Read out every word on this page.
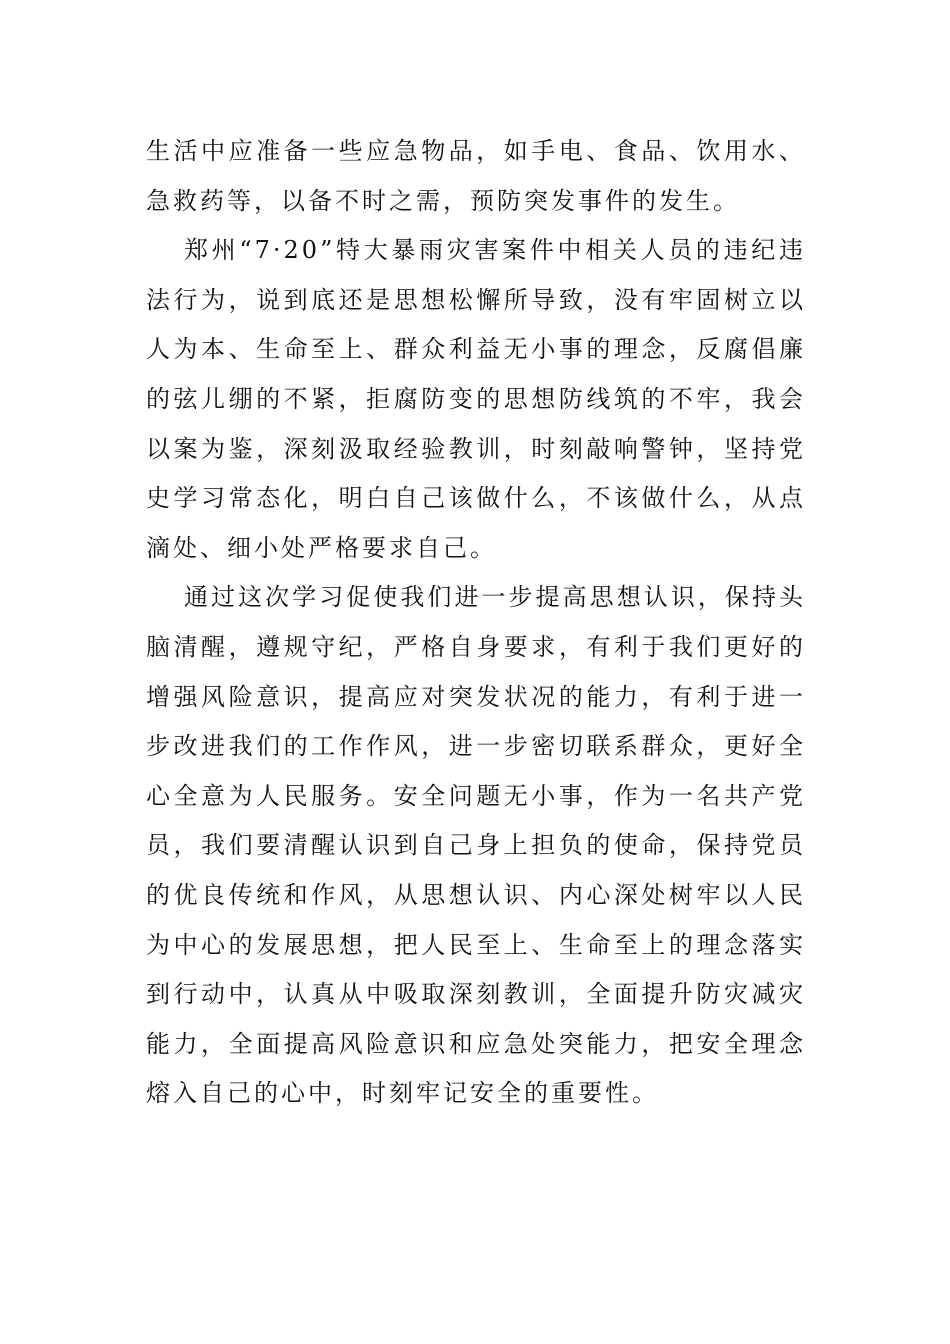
生活中应准备一些应急物品，如手电、食品、饮用水、急救药等，以备不时之需，预防突发事件的发生。

郑州“7·20”特大暴雨灾害案件中相关人员的违纪违法行为，说到底还是思想松懈所导致，没有牢固树立以人为本、生命至上、群众利益无小事的理念，反腐倡廉的弦儿绷的不紧，拒腐防变的思想防线筑的不牢，我会以案为鉴，深刻汲取经验教训，时刻敲响警钟，坚持党史学习常态化，明白自己该做什么，不该做什么，从点滴处、细小处严格要求自己。

通过这次学习促使我们进一步提高思想认识，保持头脑清醒，遵规守纪，严格自身要求，有利于我们更好的增强风险意识，提高应对突发状况的能力，有利于进一步改进我们的工作作风，进一步密切联系群众，更好全心全意为人民服务。安全问题无小事，作为一名共产党员，我们要清醒认识到自己身上担负的使命，保持党员的优良传统和作风，从思想认识、内心深处树牢以人民为中心的发展思想，把人民至上、生命至上的理念落实到行动中，认真从中吸取深刻教训，全面提升防灾减灾能力，全面提高风险意识和应急处突能力，把安全理念熔入自己的心中，时刻牢记安全的重要性。
